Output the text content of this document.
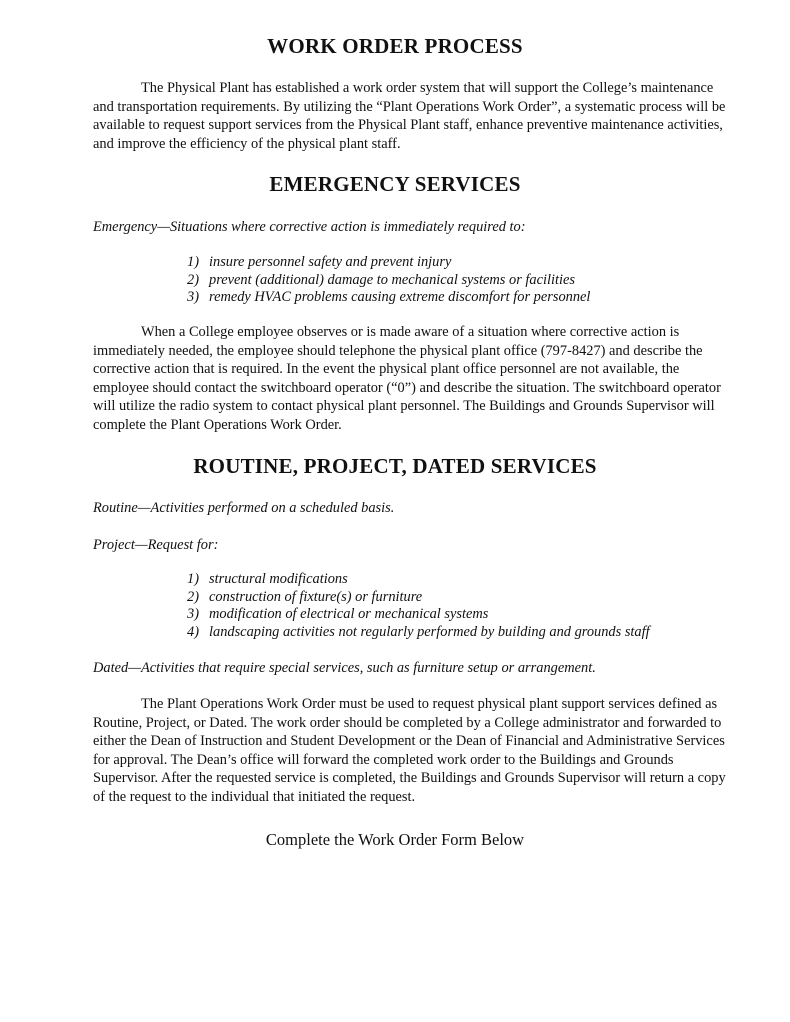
WORK ORDER PROCESS

The Physical Plant has established a work order system that will support the College’s maintenance and transportation requirements. By utilizing the “Plant Operations Work Order”, a systematic process will be available to request support services from the Physical Plant staff, enhance preventive maintenance activities, and improve the efficiency of the physical plant staff.

EMERGENCY SERVICES

Emergency—Situations where corrective action is immediately required to:

1) insure personnel safety and prevent injury
2) prevent (additional) damage to mechanical systems or facilities
3) remedy HVAC problems causing extreme discomfort for personnel

When a College employee observes or is made aware of a situation where corrective action is immediately needed, the employee should telephone the physical plant office (797-8427) and describe the corrective action that is required. In the event the physical plant office personnel are not available, the employee should contact the switchboard operator (“0”) and describe the situation. The switchboard operator will utilize the radio system to contact physical plant personnel. The Buildings and Grounds Supervisor will complete the Plant Operations Work Order.

ROUTINE, PROJECT, DATED SERVICES

Routine—Activities performed on a scheduled basis.

Project—Request for:

1) structural modifications
2) construction of fixture(s) or furniture
3) modification of electrical or mechanical systems
4) landscaping activities not regularly performed by building and grounds staff

Dated—Activities that require special services, such as furniture setup or arrangement.

The Plant Operations Work Order must be used to request physical plant support services defined as Routine, Project, or Dated. The work order should be completed by a College administrator and forwarded to either the Dean of Instruction and Student Development or the Dean of Financial and Administrative Services for approval. The Dean’s office will forward the completed work order to the Buildings and Grounds Supervisor. After the requested service is completed, the Buildings and Grounds Supervisor will return a copy of the request to the individual that initiated the request.

Complete the Work Order Form Below
